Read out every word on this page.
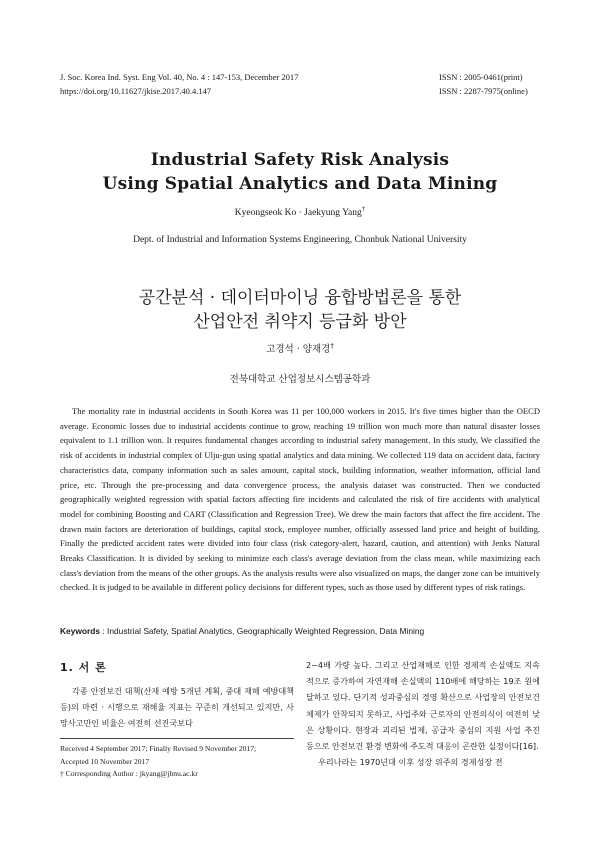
J. Soc. Korea Ind. Syst. Eng Vol. 40, No. 4 : 147-153, December 2017
https://doi.org/10.11627/jkise.2017.40.4.147
ISSN : 2005-0461(print)
ISSN : 2287-7975(online)
Industrial Safety Risk Analysis
Using Spatial Analytics and Data Mining
Kyeongseok Ko · Jaekyung Yang†
Dept. of Industrial and Information Systems Engineering, Chonbuk National University
공간분석 · 데이터마이닝 융합방법론을 통한
산업안전 취약지 등급화 방안
고경석 · 양재경†
전북대학교 산업정보시스템공학과

The mortality rate in industrial accidents in South Korea was 11 per 100,000 workers in 2015. It's five times higher than the OECD average. Economic losses due to industrial accidents continue to grow, reaching 19 trillion won much more than natural disaster losses equivalent to 1.1 trillion won. It requires fundamental changes according to industrial safety management. In this study, We classified the risk of accidents in industrial complex of Ulju-gun using spatial analytics and data mining. We collected 119 data on accident data, factory characteristics data, company information such as sales amount, capital stock, building information, weather information, official land price, etc. Through the pre-processing and data convergence process, the analysis dataset was constructed. Then we conducted geographically weighted regression with spatial factors affecting fire incidents and calculated the risk of fire accidents with analytical model for combining Boosting and CART (Classification and Regression Tree). We drew the main factors that affect the fire accident. The drawn main factors are deterioration of buildings, capital stock, employee number, officially assessed land price and height of building. Finally the predicted accident rates were divided into four class (risk category-alert, hazard, caution, and attention) with Jenks Natural Breaks Classification. It is divided by seeking to minimize each class's average deviation from the class mean, while maximizing each class's deviation from the means of the other groups. As the analysis results were also visualized on maps, the danger zone can be intuitively checked. It is judged to be available in different policy decisions for different types, such as those used by different types of risk ratings.

Keywords : Industrial Safety, Spatial Analytics, Geographically Weighted Regression, Data Mining
1. 서 론

각종 안전보건 대책(산재 예방 5개년 계획, 중대 재해 예방대책 등)의 마련 · 시행으로 재해율 지표는 꾸준히 개선되고 있지만, 사망사고만인 비율은 여전히 선진국보다

2~4배 가량 높다. 그리고 산업재해로 인한 경제적 손실액도 지속적으로 증가하여 자연재해 손실액의 110배에 해당하는 19조 원에 달하고 있다. 단기적 성과중심의 경영 확산으로 사업장의 안전보건체제가 안착되지 못하고, 사업주와 근로자의 안전의식이 여전히 낮은 상황이다. 현장과 괴리된 법제, 공급자 중심의 지원 사업 추진 등으로 안전보건 환경 변화에 주도적 대응이 곤란한 실정이다[16].

우리나라는 1970년대 이후 성장 위주의 경제성장 전

Received 4 September 2017; Finally Revised 9 November 2017;
Accepted 10 November 2017
† Corresponding Author : jkyang@jbnu.ac.kr
